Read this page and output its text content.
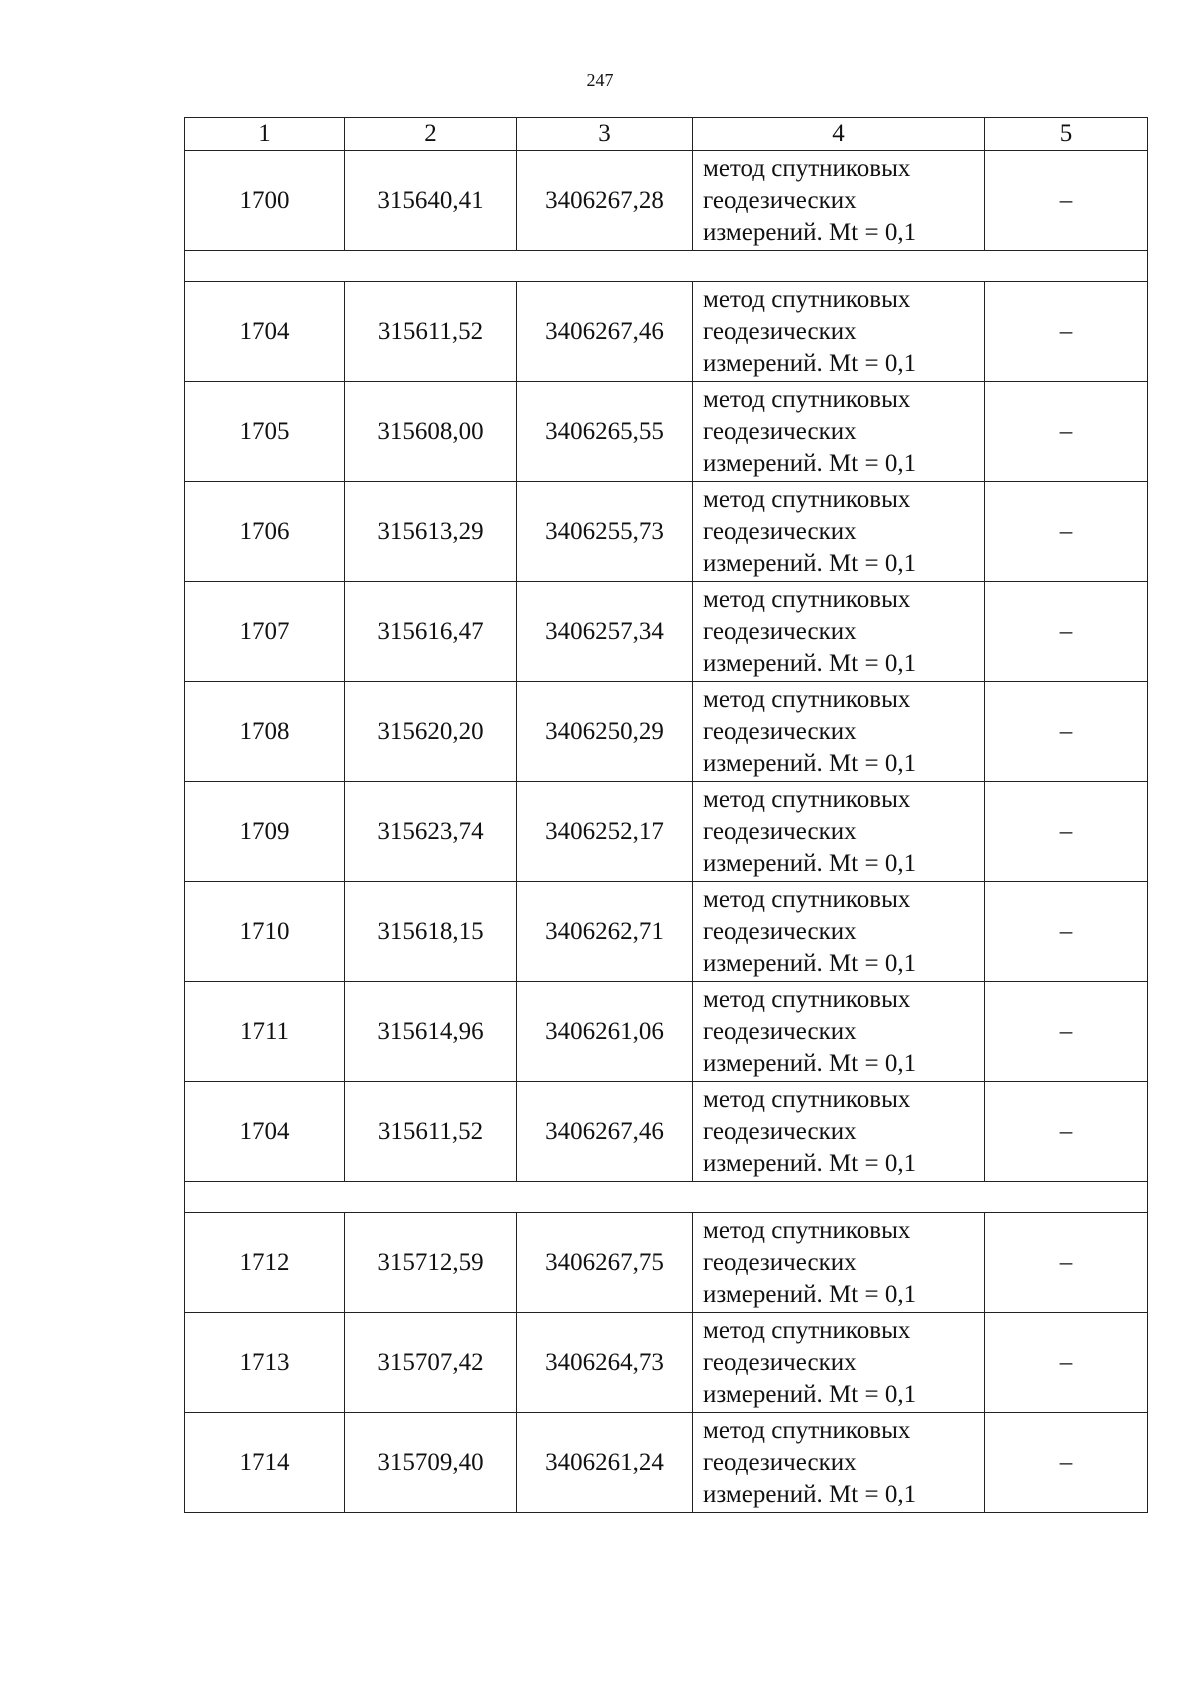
247
1	2	3	4	5
1700	315640,41	3406267,28	метод спутниковых
геодезических
измерений. Mt = 0,1	–

1704	315611,52	3406267,46	метод спутниковых
геодезических
измерений. Mt = 0,1	–
1705	315608,00	3406265,55	метод спутниковых
геодезических
измерений. Mt = 0,1	–
1706	315613,29	3406255,73	метод спутниковых
геодезических
измерений. Mt = 0,1	–
1707	315616,47	3406257,34	метод спутниковых
геодезических
измерений. Mt = 0,1	–
1708	315620,20	3406250,29	метод спутниковых
геодезических
измерений. Mt = 0,1	–
1709	315623,74	3406252,17	метод спутниковых
геодезических
измерений. Mt = 0,1	–
1710	315618,15	3406262,71	метод спутниковых
геодезических
измерений. Mt = 0,1	–
1711	315614,96	3406261,06	метод спутниковых
геодезических
измерений. Mt = 0,1	–
1704	315611,52	3406267,46	метод спутниковых
геодезических
измерений. Mt = 0,1	–

1712	315712,59	3406267,75	метод спутниковых
геодезических
измерений. Mt = 0,1	–
1713	315707,42	3406264,73	метод спутниковых
геодезических
измерений. Mt = 0,1	–
1714	315709,40	3406261,24	метод спутниковых
геодезических
измерений. Mt = 0,1	–
